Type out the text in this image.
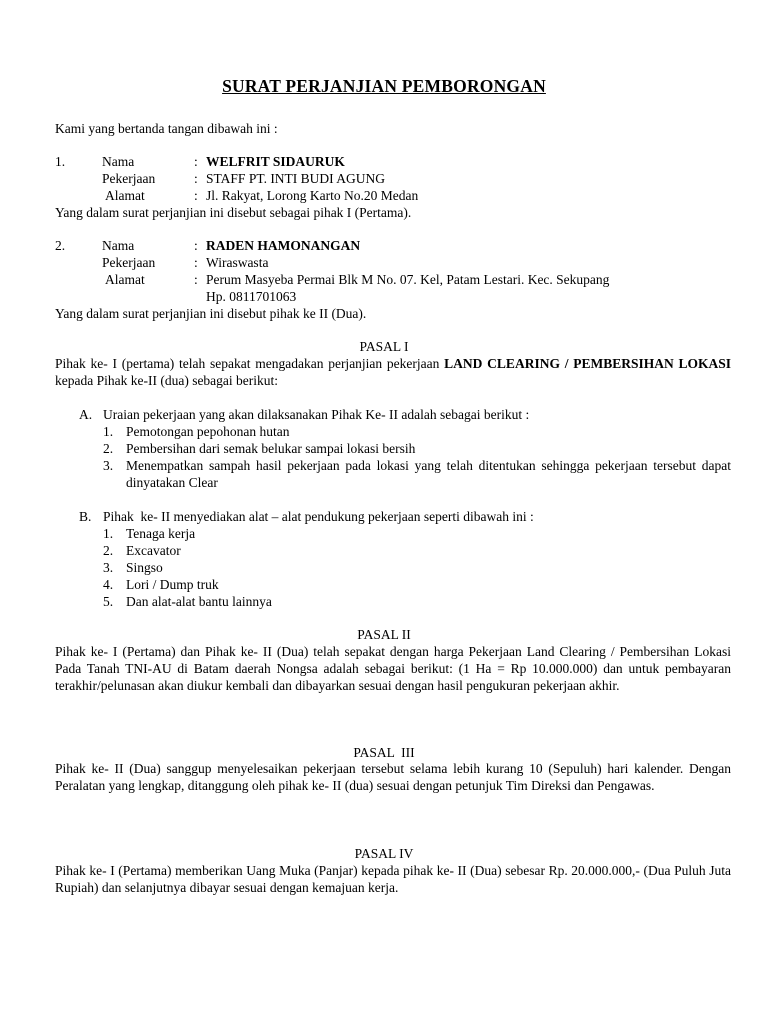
SURAT PERJANJIAN PEMBORONGAN
Kami yang bertanda tangan dibawah ini :
1.	Nama	: WELFRIT SIDAURUK
Pekerjaan	: STAFF PT. INTI BUDI AGUNG
Alamat	: Jl. Rakyat, Lorong Karto No.20 Medan
Yang dalam surat perjanjian ini disebut sebagai pihak I (Pertama).
2.	Nama	: RADEN HAMONANGAN
Pekerjaan	: Wiraswasta
Alamat	: Perum Masyeba Permai Blk M No. 07. Kel, Patam Lestari. Kec. Sekupang
Hp. 0811701063
Yang dalam surat perjanjian ini disebut pihak ke II (Dua).
PASAL I
Pihak ke- I (pertama) telah sepakat mengadakan perjanjian pekerjaan LAND CLEARING / PEMBERSIHAN LOKASI kepada Pihak ke-II (dua) sebagai berikut:
A. Uraian pekerjaan yang akan dilaksanakan Pihak Ke- II adalah sebagai berikut :
1. Pemotongan pepohonan hutan
2. Pembersihan dari semak belukar sampai lokasi bersih
3. Menempatkan sampah hasil pekerjaan pada lokasi yang telah ditentukan sehingga pekerjaan tersebut dapat dinyatakan Clear
B. Pihak  ke- II menyediakan alat – alat pendukung pekerjaan seperti dibawah ini :
1. Tenaga kerja
2. Excavator
3. Singso
4. Lori / Dump truk
5. Dan alat-alat bantu lainnya
PASAL II
Pihak ke- I (Pertama) dan Pihak ke- II (Dua) telah sepakat dengan harga Pekerjaan Land Clearing / Pembersihan Lokasi Pada Tanah TNI-AU di Batam daerah Nongsa adalah sebagai berikut: (1 Ha = Rp 10.000.000) dan untuk pembayaran terakhir/pelunasan akan diukur kembali dan dibayarkan sesuai dengan hasil pengukuran pekerjaan akhir.
PASAL  III
Pihak ke- II (Dua) sanggup menyelesaikan pekerjaan tersebut selama lebih kurang 10 (Sepuluh) hari kalender. Dengan Peralatan yang lengkap, ditanggung oleh pihak ke- II (dua) sesuai dengan petunjuk Tim Direksi dan Pengawas.
PASAL IV
Pihak ke- I (Pertama) memberikan Uang Muka (Panjar) kepada pihak ke- II (Dua) sebesar Rp. 20.000.000,- (Dua Puluh Juta Rupiah) dan selanjutnya dibayar sesuai dengan kemajuan kerja.
